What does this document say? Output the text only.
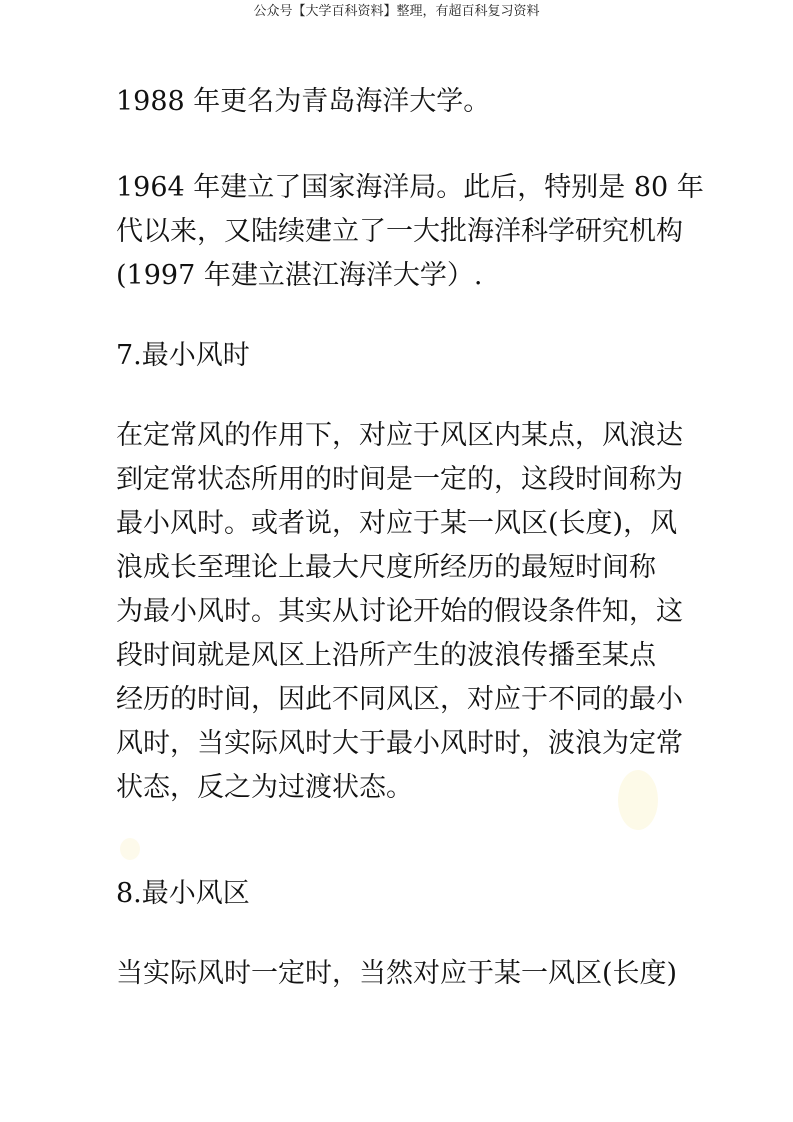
公众号【大学百科资料】整理，有超百科复习资料
1988 年更名为青岛海洋大学。
1964 年建立了国家海洋局。此后，特别是 80 年
代以来，又陆续建立了一大批海洋科学研究机构
(1997 年建立湛江海洋大学）.
7.最小风时
在定常风的作用下，对应于风区内某点，风浪达
到定常状态所用的时间是一定的，这段时间称为
最小风时。或者说，对应于某一风区(长度)，风
浪成长至理论上最大尺度所经历的最短时间称
为最小风时。其实从讨论开始的假设条件知，这
段时间就是风区上沿所产生的波浪传播至某点
经历的时间，因此不同风区，对应于不同的最小
风时，当实际风时大于最小风时时，波浪为定常
状态，反之为过渡状态。
8.最小风区
当实际风时一定时，当然对应于某一风区(长度)
